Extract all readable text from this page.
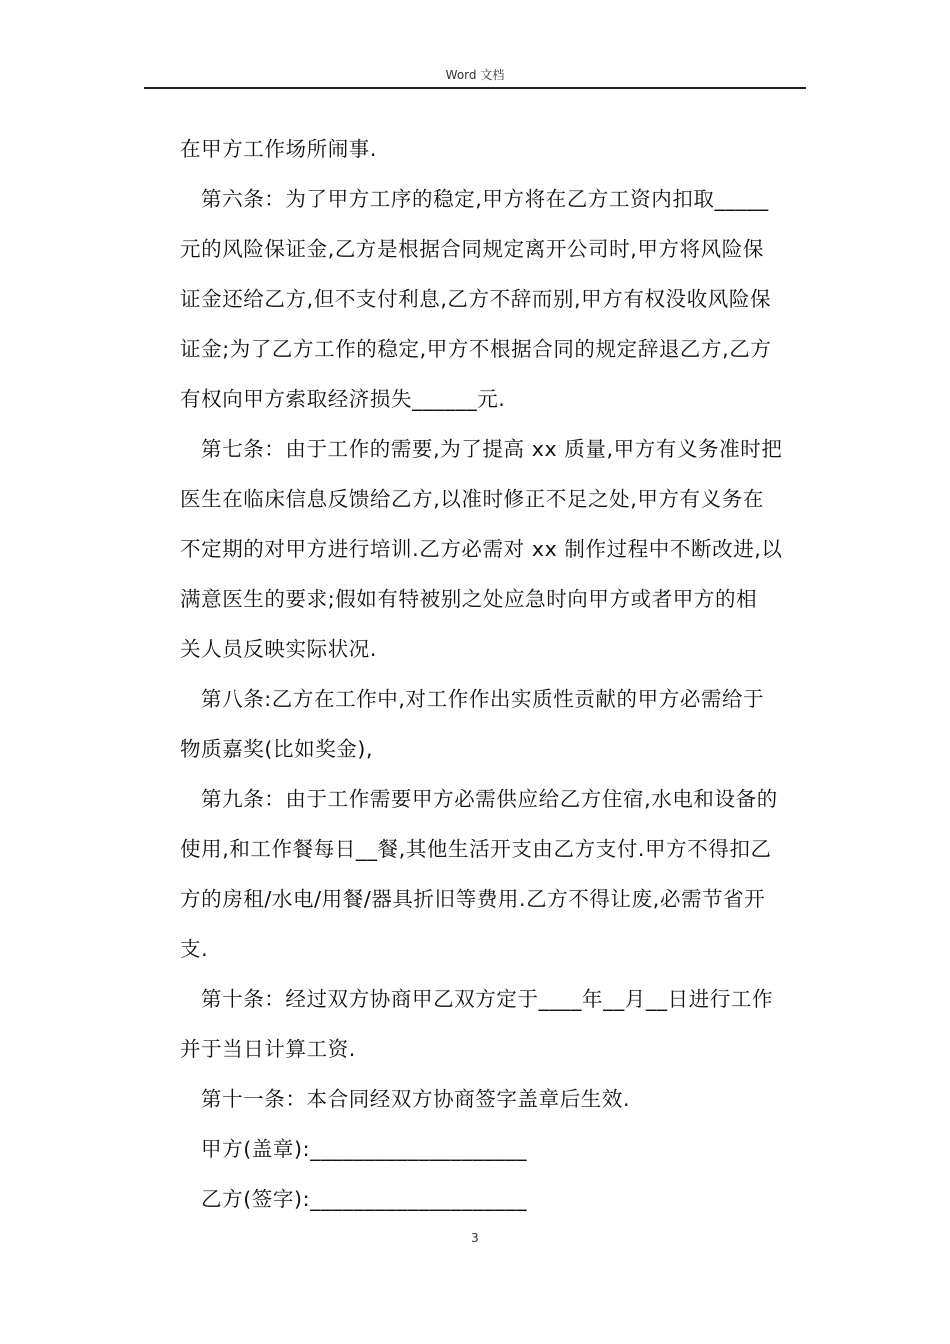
Word 文档
在甲方工作场所闹事.
第六条：为了甲方工序的稳定,甲方将在乙方工资内扣取_____
元的风险保证金,乙方是根据合同规定离开公司时,甲方将风险保
证金还给乙方,但不支付利息,乙方不辞而别,甲方有权没收风险保
证金;为了乙方工作的稳定,甲方不根据合同的规定辞退乙方,乙方
有权向甲方索取经济损失______元.
第七条：由于工作的需要,为了提高 xx 质量,甲方有义务准时把
医生在临床信息反馈给乙方,以准时修正不足之处,甲方有义务在
不定期的对甲方进行培训.乙方必需对 xx 制作过程中不断改进,以
满意医生的要求;假如有特被别之处应急时向甲方或者甲方的相
关人员反映实际状况.
第八条:乙方在工作中,对工作作出实质性贡献的甲方必需给于
物质嘉奖(比如奖金),
第九条：由于工作需要甲方必需供应给乙方住宿,水电和设备的
使用,和工作餐每日__餐,其他生活开支由乙方支付.甲方不得扣乙
方的房租/水电/用餐/器具折旧等费用.乙方不得让废,必需节省开
支.
第十条：经过双方协商甲乙双方定于____年__月__日进行工作
并于当日计算工资.
第十一条：本合同经双方协商签字盖章后生效.
甲方(盖章):____________________
乙方(签字):____________________
3
